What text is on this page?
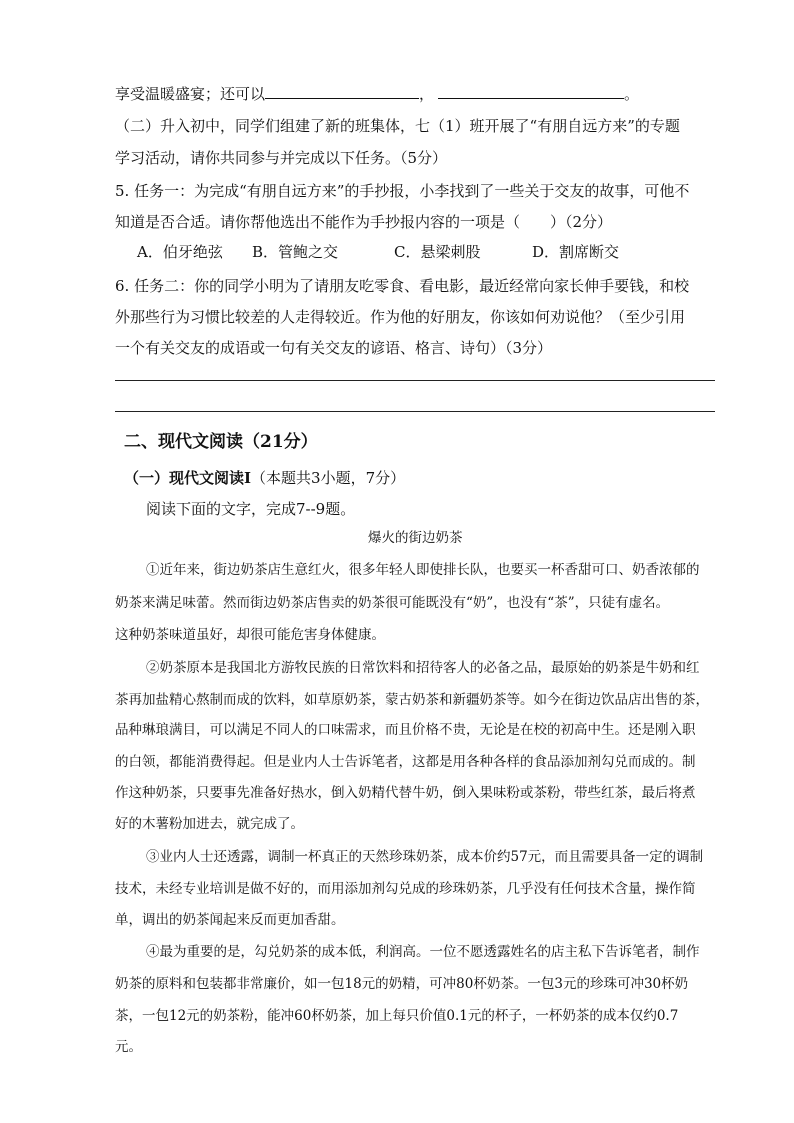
享受温暖盛宴；还可以	，	。
（二）升入初中，同学们组建了新的班集体，七（1）班开展了“有朋自远方来”的专题
学习活动，请你共同参与并完成以下任务。（5分）
5. 任务一：为完成“有朋自远方来”的手抄报，小李找到了一些关于交友的故事，可他不
知道是否合适。请你帮他选出不能作为手抄报内容的一项是（　　）（2分）
A．伯牙绝弦 B．管鲍之交	C．悬梁刺股	D．割席断交
6. 任务二：你的同学小明为了请朋友吃零食、看电影，最近经常向家长伸手要钱，和校
外那些行为习惯比较差的人走得较近。作为他的好朋友，你该如何劝说他？（至少引用
一个有关交友的成语或一句有关交友的谚语、格言、诗句）（3分）
二、现代文阅读（21分）
（一）现代文阅读Ⅰ（本题共3小题，7分）
阅读下面的文字，完成7--9题。
爆火的街边奶茶
①近年来，街边奶茶店生意红火，很多年轻人即使排长队，也要买一杯香甜可口、奶香浓郁的
奶茶来满足味蕾。然而街边奶茶店售卖的奶茶很可能既没有“奶”，也没有“茶”，只徒有虚名。
这种奶茶味道虽好，却很可能危害身体健康。
②奶茶原本是我国北方游牧民族的日常饮料和招待客人的必备之品，最原始的奶茶是牛奶和红
茶再加盐精心熬制而成的饮料，如草原奶茶，蒙古奶茶和新疆奶茶等。如今在街边饮品店出售的茶，
品种琳琅满目，可以满足不同人的口味需求，而且价格不贵，无论是在校的初高中生。还是刚入职
的白领，都能消费得起。但是业内人士告诉笔者，这都是用各种各样的食品添加剂勾兑而成的。制
作这种奶茶，只要事先准备好热水，倒入奶精代替牛奶，倒入果味粉或茶粉，带些红茶，最后将煮
好的木薯粉加进去，就完成了。
③业内人士还透露，调制一杯真正的天然珍珠奶茶，成本价约57元，而且需要具备一定的调制
技术，未经专业培训是做不好的，而用添加剂勾兑成的珍珠奶茶，几乎没有任何技术含量，操作简
单，调出的奶茶闻起来反而更加香甜。
④最为重要的是，勾兑奶茶的成本低，利润高。一位不愿透露姓名的店主私下告诉笔者，制作
奶茶的原料和包装都非常廉价，如一包18元的奶精，可冲80杯奶茶。一包3元的珍珠可冲30杯奶
茶，一包12元的奶茶粉，能冲60杯奶茶，加上每只价值0.1元的杯子，一杯奶茶的成本仅约0.7
元。
